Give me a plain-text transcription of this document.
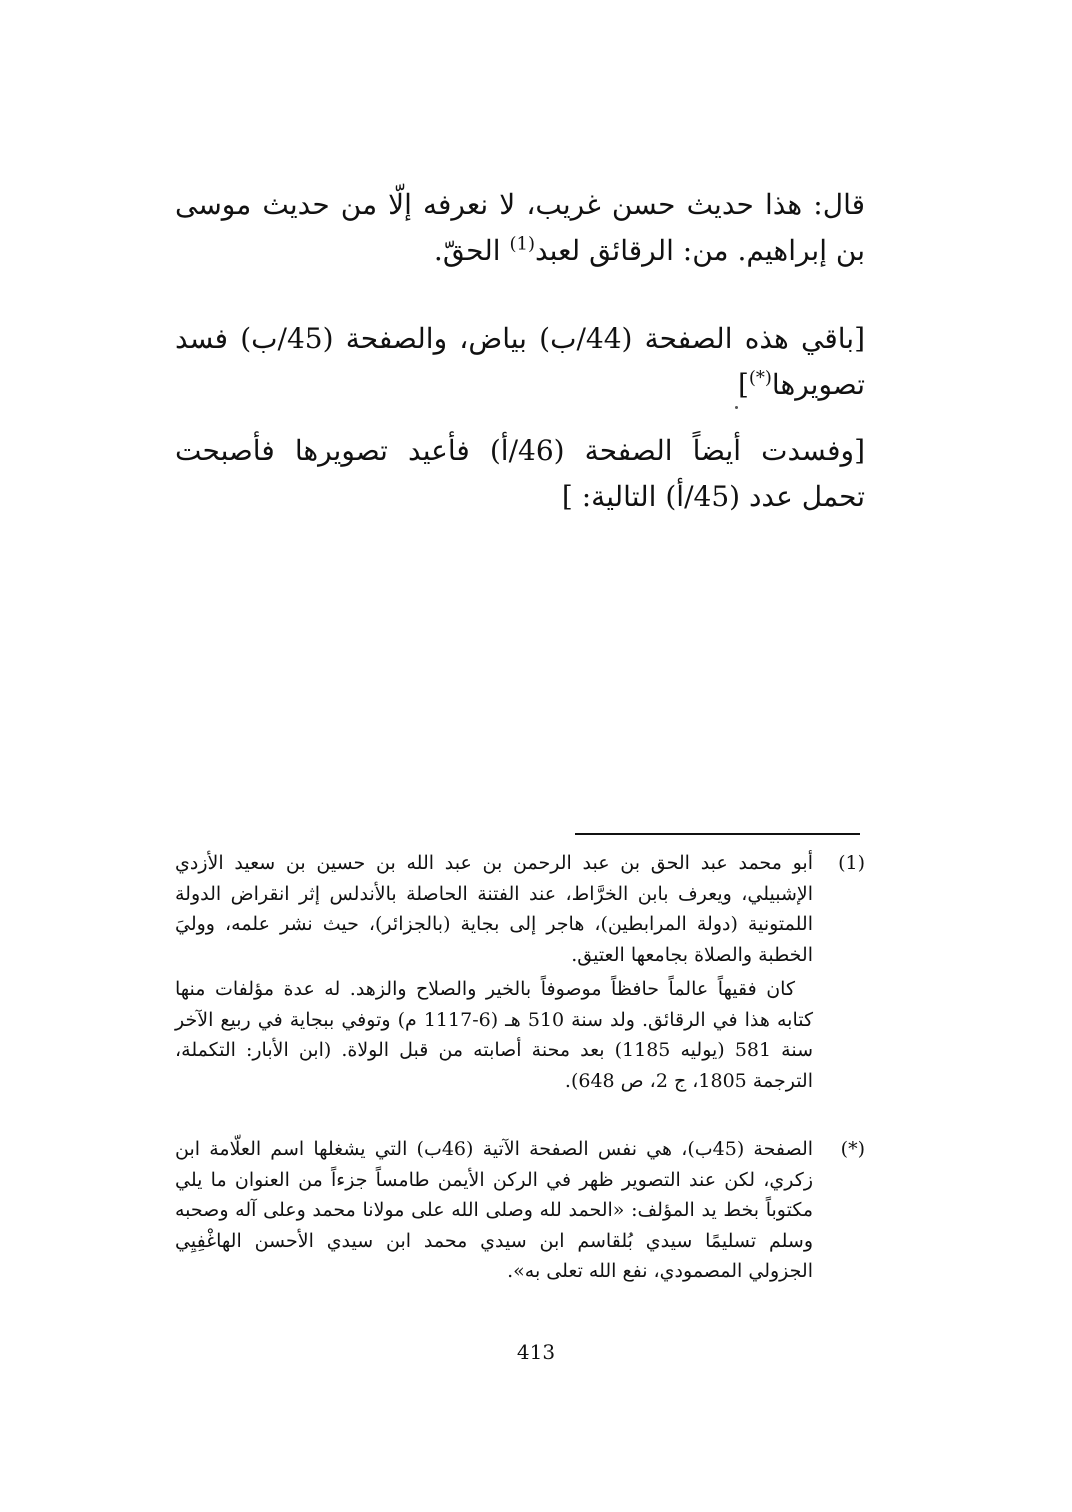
قال: هذا حديث حسن غريب، لا نعرفه إلّا من حديث موسى بن إبراهيم. من: الرقائق لعبد$^{(1)}$ الحقّ.
[باقي هذه الصفحة (44/ب) بياض، والصفحة (45/ب) فسد تصويرها(*)]
[وفسدت أيضاً الصفحة (46/أ) فأعيد تصويرها فأصبحت تحمل عدد (45/أ) التالية: ]
(1)

أبو محمد عبد الحق بن عبد الرحمن بن عبد الله بن حسين بن سعيد الأزدي الإشبيلي، ويعرف بابن الخرَّاط، عند الفتنة الحاصلة بالأندلس إثر انقراض الدولة اللمتونية (دولة المرابطين)، هاجر إلى بجاية (بالجزائر)، حيث نشر علمه، ووليَ الخطبة والصلاة بجامعها العتيق.

كان فقيهاً عالماً حافظاً موصوفاً بالخير والصلاح والزهد. له عدة مؤلفات منها كتابه هذا في الرقائق. ولد سنة 510 هـ (6-1117 م) وتوفي ببجاية في ربيع الآخر سنة 581 (يوليه 1185) بعد محنة أصابته من قبل الولاة. (ابن الأبار: التكملة، الترجمة 1805، ج 2، ص 648).

(*)

الصفحة (45ب)، هي نفس الصفحة الآتية (46ب) التي يشغلها اسم العلّامة ابن زكري، لكن عند التصوير ظهر في الركن الأيمن طامساً جزءاً من العنوان ما يلي مكتوباً بخط يد المؤلف: «الحمد لله وصلى الله على مولانا محمد وعلى آله وصحبه وسلم تسليمًا سيدي بُلقاسم ابن سيدي محمد ابن سيدي الأحسن الهاغْفِيِي الجزولي المصمودي، نفع الله تعلى به».

413
